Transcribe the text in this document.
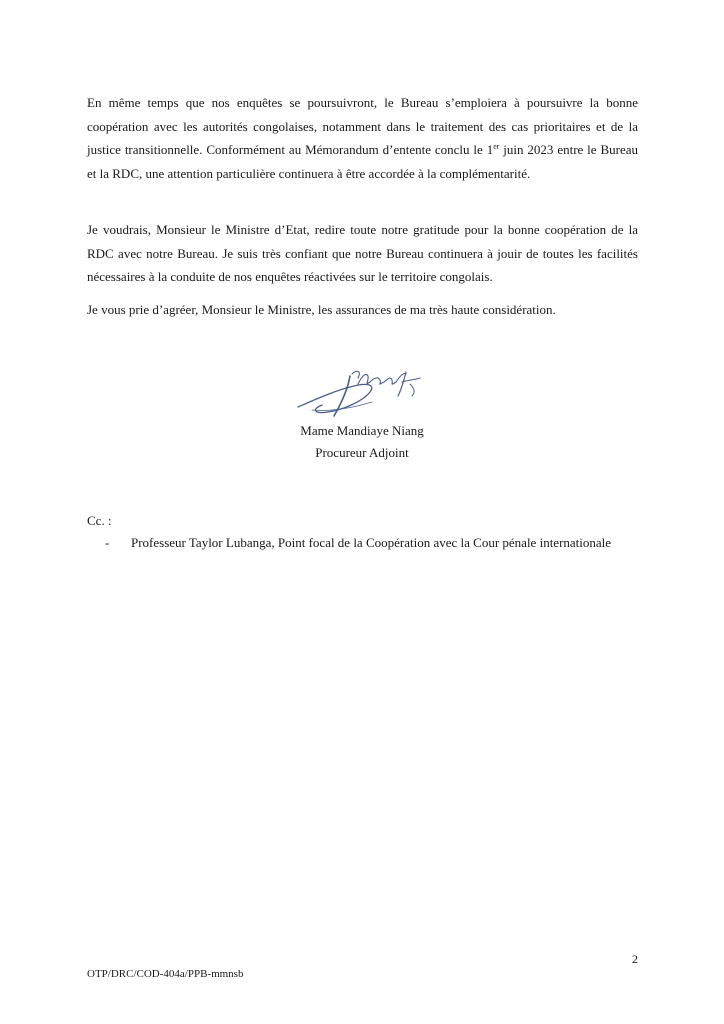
En même temps que nos enquêtes se poursuivront, le Bureau s’emploiera à poursuivre la bonne coopération avec les autorités congolaises, notamment dans le traitement des cas prioritaires et de la justice transitionnelle. Conformément au Mémorandum d’entente conclu le 1er juin 2023 entre le Bureau et la RDC, une attention particulière continuera à être accordée à la complémentarité.

Je voudrais, Monsieur le Ministre d’Etat, redire toute notre gratitude pour la bonne coopération de la RDC avec notre Bureau. Je suis très confiant que notre Bureau continuera à jouir de toutes les facilités nécessaires à la conduite de nos enquêtes réactivées sur le territoire congolais.

Je vous prie d’agréer, Monsieur le Ministre, les assurances de ma très haute considération.

Mame Mandiaye Niang

Procureur Adjoint

Cc. :

- Professeur Taylor Lubanga, Point focal de la Coopération avec la Cour pénale internationale
2
OTP/DRC/COD-404a/PPB-mmnsb
